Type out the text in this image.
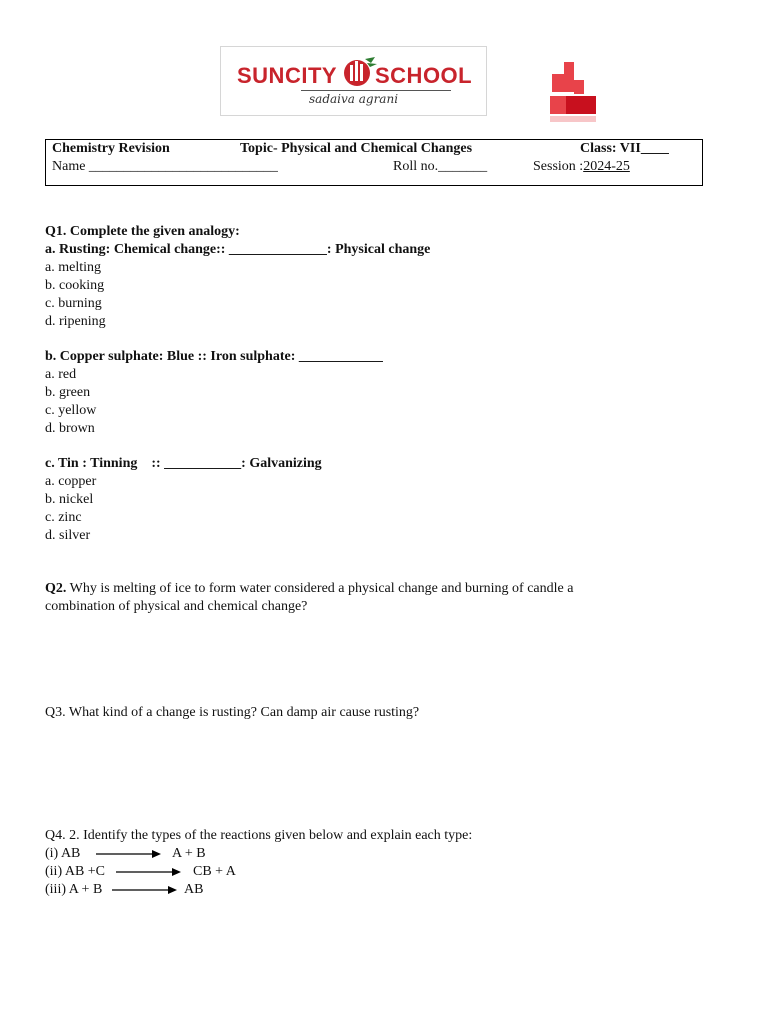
SUNCITY SCHOOL
sadaiva agrani
Chemistry Revision	Topic- Physical and Chemical Changes	Class: VII____
Name ___________________________	Roll no._______	Session :2024-25
Q1. Complete the given analogy:
a. Rusting: Chemical change:: ______________: Physical change
a. melting
b. cooking
c. burning
d. ripening
b. Copper sulphate: Blue :: Iron sulphate: ____________
a. red
b. green
c. yellow
d. brown
c. Tin : Tinning    :: ___________: Galvanizing
a. copper
b. nickel
c. zinc
d. silver
Q2. Why is melting of ice to form water considered a physical change and burning of candle a
combination of physical and chemical change?
Q3. What kind of a change is rusting? Can damp air cause rusting?
Q4. 2. Identify the types of the reactions given below and explain each type:
(i) AB	A + B
(ii) AB +C	CB + A
(iii) A + B	AB
